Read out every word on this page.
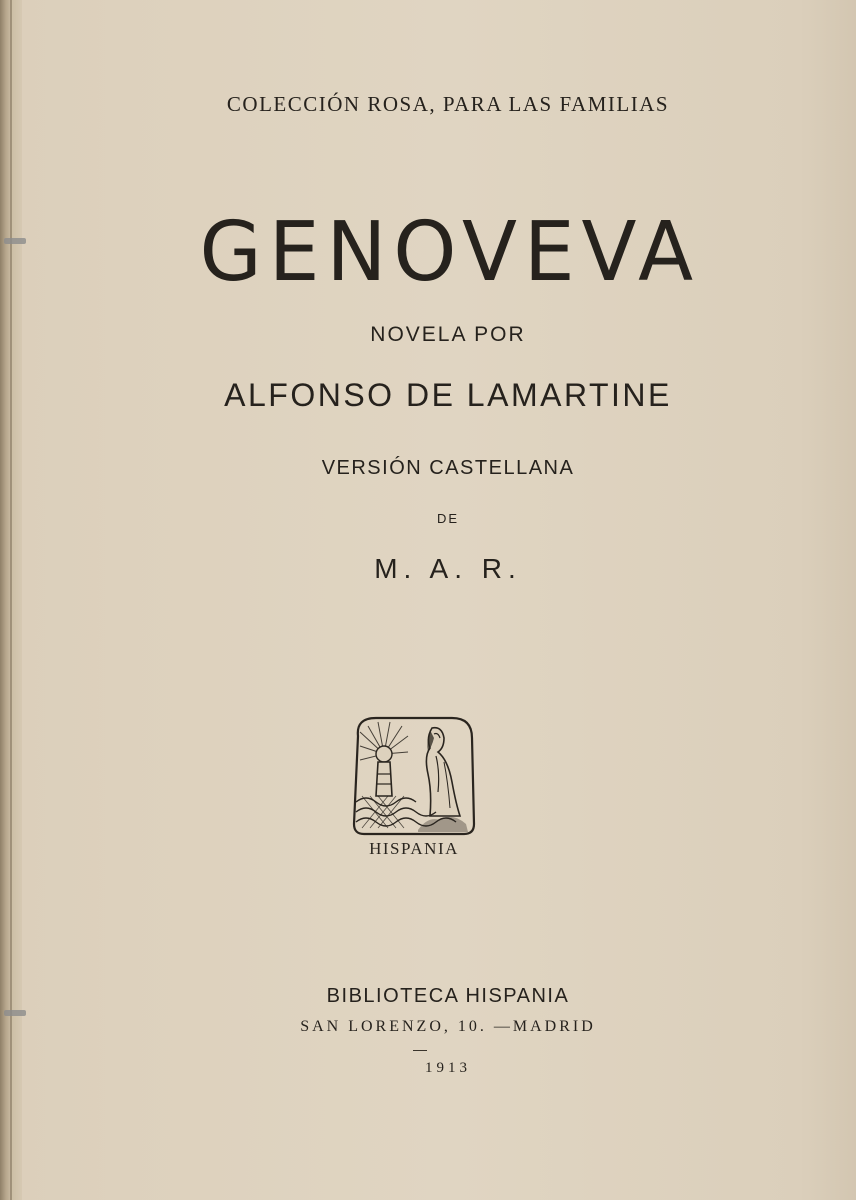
COLECCIÓN ROSA, PARA LAS FAMILIAS
GENOVEVA
NOVELA POR
ALFONSO DE LAMARTINE
VERSIÓN CASTELLANA
DE
M. A. R.
HISPANIA
BIBLIOTECA HISPANIA
SAN LORENZO, 10. —MADRID
1913
